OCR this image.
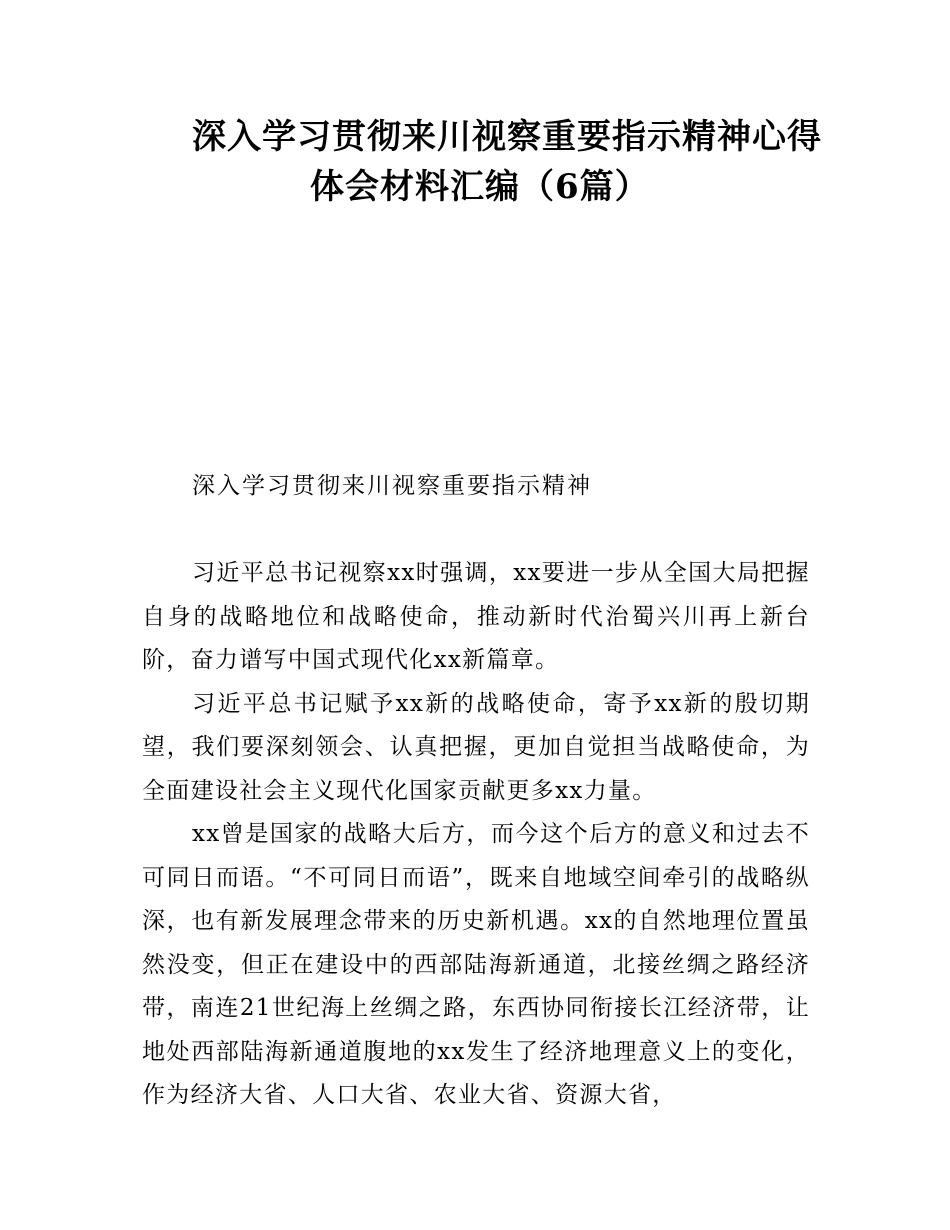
深入学习贯彻来川视察重要指示精神心得
体会材料汇编（6篇）
深入学习贯彻来川视察重要指示精神

习近平总书记视察xx时强调，xx要进一步从全国大局把握自身的战略地位和战略使命，推动新时代治蜀兴川再上新台阶，奋力谱写中国式现代化xx新篇章。

习近平总书记赋予xx新的战略使命，寄予xx新的殷切期望，我们要深刻领会、认真把握，更加自觉担当战略使命，为全面建设社会主义现代化国家贡献更多xx力量。

xx曾是国家的战略大后方，而今这个后方的意义和过去不可同日而语。“不可同日而语”，既来自地域空间牵引的战略纵深，也有新发展理念带来的历史新机遇。xx的自然地理位置虽然没变，但正在建设中的西部陆海新通道，北接丝绸之路经济带，南连21世纪海上丝绸之路，东西协同衔接长江经济带，让地处西部陆海新通道腹地的xx发生了经济地理意义上的变化，作为经济大省、人口大省、农业大省、资源大省，
